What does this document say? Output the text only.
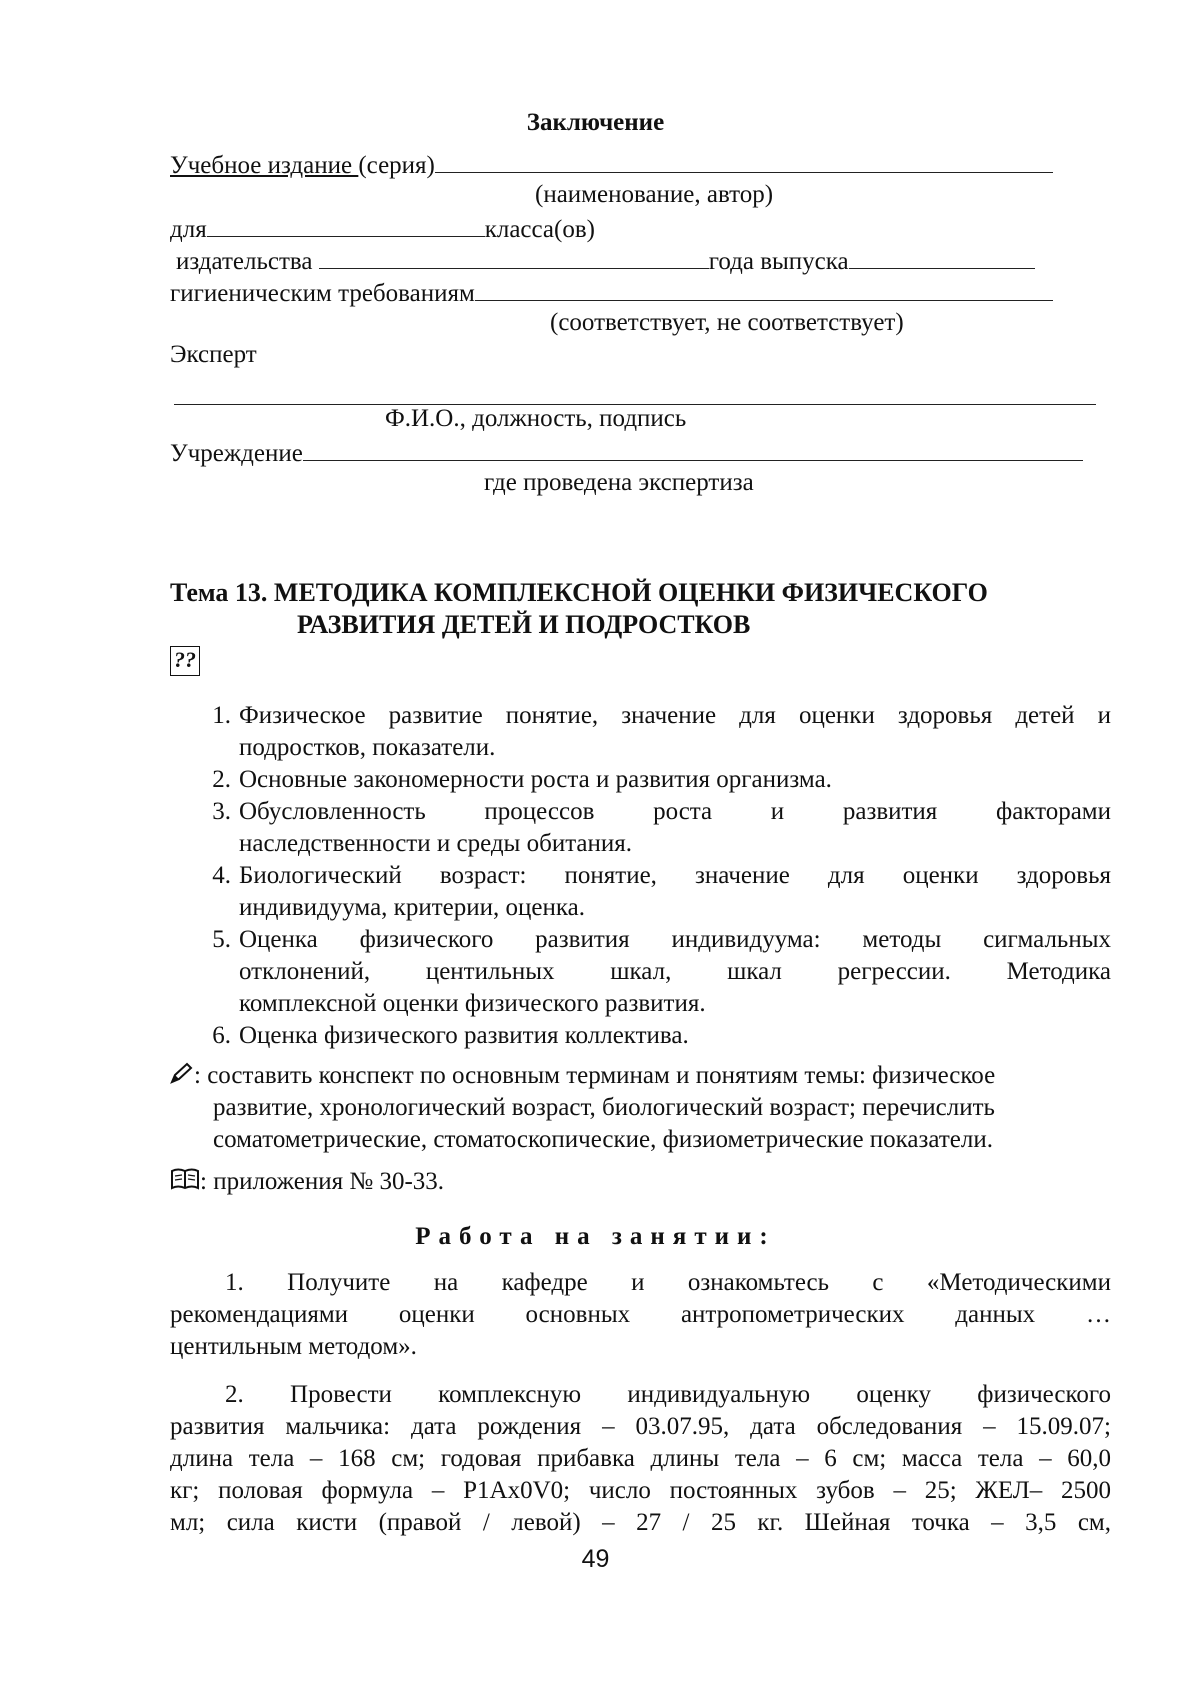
Заключение
Учебное издание (серия)
(наименование, автор)
для	класса(ов)
издательства	года выпуска
гигиеническим требованиям
(соответствует, не соответствует)
Эксперт
Ф.И.О., должность, подпись
Учреждение
где проведена экспертиза
Тема 13. МЕТОДИКА КОМПЛЕКСНОЙ ОЦЕНКИ ФИЗИЧЕСКОГО
РАЗВИТИЯ ДЕТЕЙ И ПОДРОСТКОВ
??
1. Физическое развитие понятие, значение для оценки здоровья детей и
подростков, показатели.
2. Основные закономерности роста и развития организма.
3. Обусловленность процессов роста и развития факторами
наследственности и среды обитания.
4. Биологический возраст: понятие, значение для оценки здоровья
индивидуума, критерии, оценка.
5. Оценка физического развития индивидуума: методы сигмальных
отклонений, центильных шкал, шкал регрессии. Методика
комплексной оценки физического развития.
6. Оценка физического развития коллектива.
: составить конспект по основным терминам и понятиям темы: физическое
развитие, хронологический возраст, биологический возраст; перечислить
соматометрические, стоматоскопические, физиометрические показатели.
: приложения № 30-33.
Работа на занятии:
1. Получите на кафедре и ознакомьтесь с «Методическими
рекомендациями оценки основных антропометрических данных …
центильным методом».
2. Провести комплексную индивидуальную оценку физического
развития мальчика: дата рождения – 03.07.95, дата обследования – 15.09.07;
длина тела – 168 см; годовая прибавка длины тела – 6 см; масса тела – 60,0
кг; половая формула – P1Ax0V0; число постоянных зубов – 25; ЖЕЛ– 2500
мл; сила кисти (правой / левой) – 27 / 25 кг. Шейная точка – 3,5 см,
49
